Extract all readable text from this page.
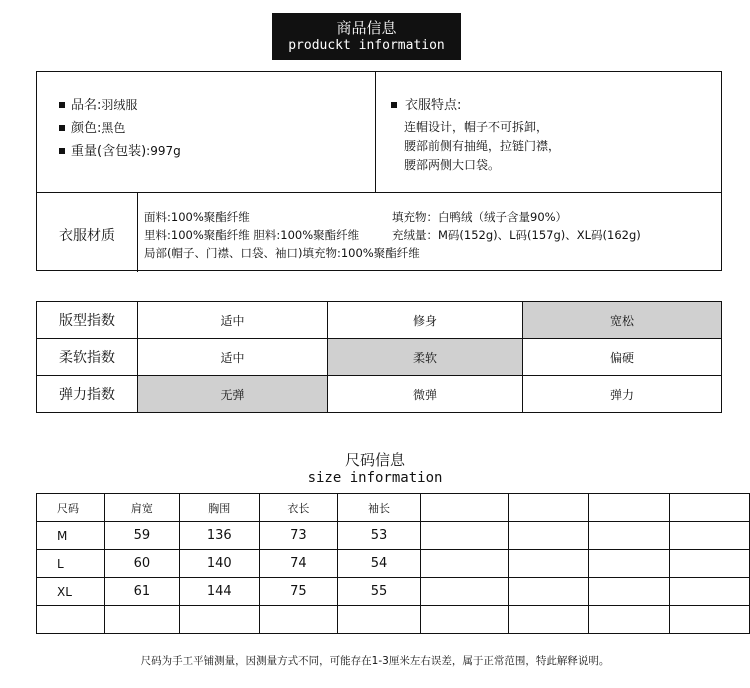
商品信息
produckt information
品名:羽绒服
颜色:黑色
重量(含包装):997g
衣服特点:
连帽设计，帽子不可拆卸，
腰部前侧有抽绳，拉链门襟，
腰部两侧大口袋。
衣服材质
面料:100%聚酯纤维
里料:100%聚酯纤维 胆料:100%聚酯纤维
局部(帽子、门襟、口袋、袖口)填充物:100%聚酯纤维
填充物：白鸭绒（绒子含量90%）
充绒量：M码(152g)、L码(157g)、XL码(162g)
版型指数	适中	修身	宽松
柔软指数	适中	柔软	偏硬
弹力指数	无弹	微弹	弹力
尺码信息
size information
尺码	肩宽	胸围	衣长	袖长				
M	59	136	73	53				
L	60	140	74	54				
XL	61	144	75	55				

尺码为手工平铺测量，因测量方式不同，可能存在1-3厘米左右误差，属于正常范围，特此解释说明。
